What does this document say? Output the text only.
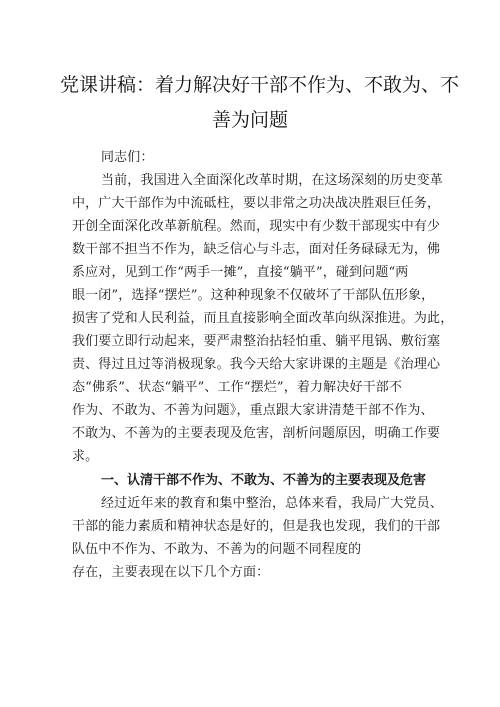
党课讲稿：着力解决好干部不作为、不敢为、不
善为问题
同志们：
当前，我国进入全面深化改革时期，在这场深刻的历史变革
中，广大干部作为中流砥柱，要以非常之功决战决胜艰巨任务，
开创全面深化改革新航程。然而，现实中有少数干部现实中有少
数干部不担当不作为，缺乏信心与斗志，面对任务碌碌无为，佛
系应对，见到工作“两手一摊”，直接“躺平”，碰到问题“两
眼一闭”，选择“摆烂”。这种种现象不仅破坏了干部队伍形象，
损害了党和人民利益，而且直接影响全面改革向纵深推进。为此，
我们要立即行动起来，要严肃整治拈轻怕重、躺平甩锅、敷衍塞
责、得过且过等消极现象。我今天给大家讲课的主题是《治理心
态“佛系”、状态“躺平”、工作“摆烂”，着力解决好干部不
作为、不敢为、不善为问题》，重点跟大家讲清楚干部不作为、
不敢为、不善为的主要表现及危害，剖析问题原因，明确工作要
求。
一、认清干部不作为、不敢为、不善为的主要表现及危害
经过近年来的教育和集中整治，总体来看，我局广大党员、
干部的能力素质和精神状态是好的，但是我也发现，我们的干部
队伍中不作为、不敢为、不善为的问题不同程度的
存在，主要表现在以下几个方面：
